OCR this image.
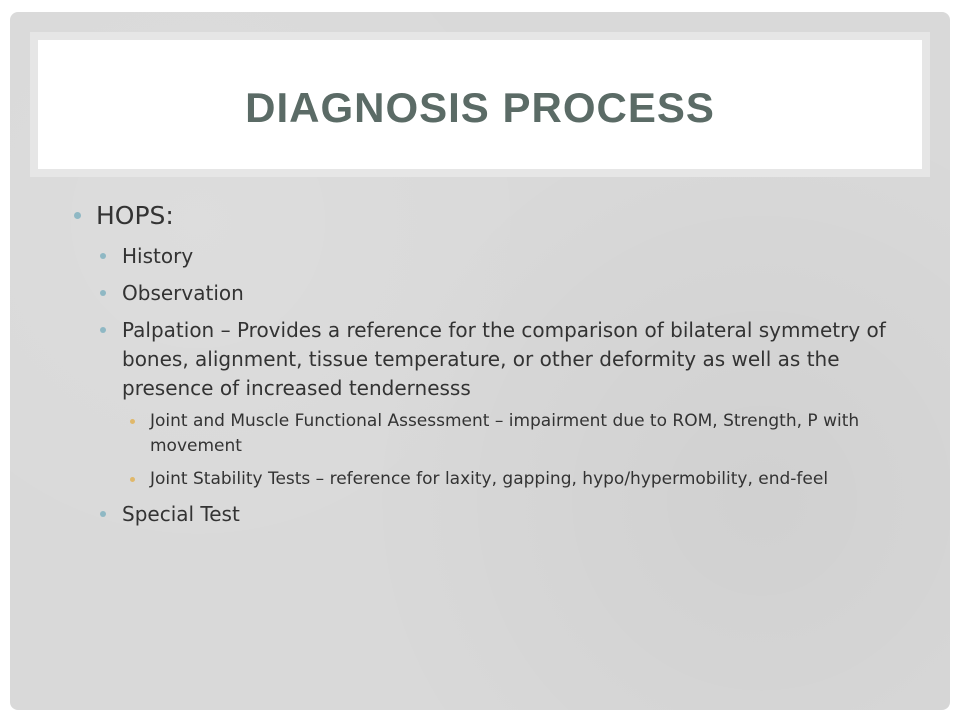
DIAGNOSIS PROCESS
HOPS:
History
Observation
Palpation – Provides a reference for the comparison of bilateral symmetry of bones, alignment, tissue temperature, or other deformity as well as the presence of increased tendernesss
Joint and Muscle Functional Assessment – impairment due to ROM, Strength, P with movement
Joint Stability Tests – reference for laxity, gapping, hypo/hypermobility, end-feel
Special Test
